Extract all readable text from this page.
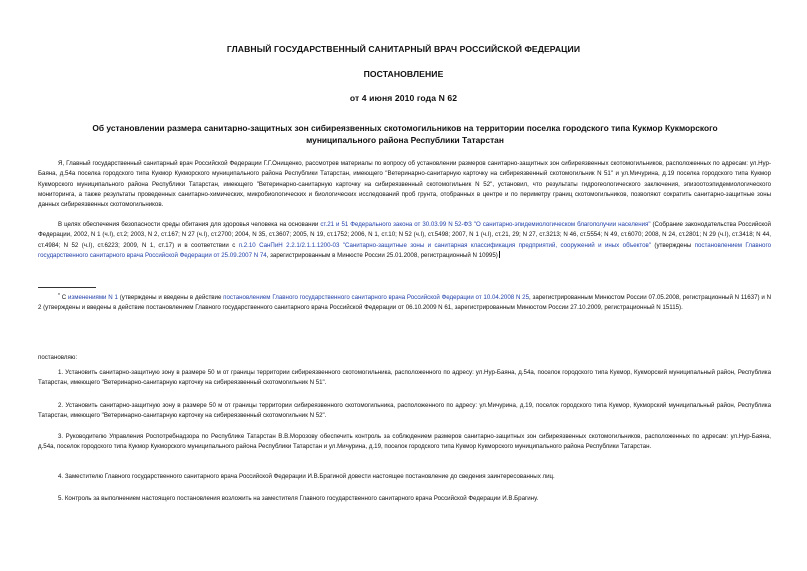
ГЛАВНЫЙ ГОСУДАРСТВЕННЫЙ САНИТАРНЫЙ ВРАЧ РОССИЙСКОЙ ФЕДЕРАЦИИ
ПОСТАНОВЛЕНИЕ
от 4 июня 2010 года N 62
Об установлении размера санитарно-защитных зон сибиреязвенных скотомогильников на территории поселка городского типа Кукмор Кукморского
муниципального района Республики Татарстан
Я, Главный государственный санитарный врач Российской Федерации Г.Г.Онищенко, рассмотрев материалы по вопросу об установлении размеров санитарно-защитных зон сибиреязвенных скотомогильников, расположенных по адресам: ул.Нур-Баяна, д.54а поселка городского типа Кукмор Кукморского муниципального района Республики Татарстан, имеющего "Ветеринарно-санитарную карточку на сибиреязвенный скотомогильник N 51" и ул.Мичурина, д.19 поселка городского типа Кукмор Кукморского муниципального района Республики Татарстан, имеющего "Ветеринарно-санитарную карточку на сибиреязвенный скотомогильник N 52", установил, что результаты гидрогеологического заключения, эпизоотоэпидемиологического мониторинга, а также результаты проведенных санитарно-химических, микробиологических и биологических исследований проб грунта, отобранных в центре и по периметру границ скотомогильников, позволяют сократить санитарно-защитные зоны данных сибиреязвенных скотомогильников.
В целях обеспечения безопасности среды обитания для здоровья человека на основании ст.21 и 51 Федерального закона от 30.03.99 N 52-ФЗ "О санитарно-эпидемиологическом благополучии населения" (Собрание законодательства Российской Федерации, 2002, N 1 (ч.I), ст.2; 2003, N 2, ст.167; N 27 (ч.I), ст.2700; 2004, N 35, ст.3607; 2005, N 19, ст.1752; 2006, N 1, ст.10; N 52 (ч.I), ст.5498; 2007, N 1 (ч.I), ст.21, 29; N 27, ст.3213; N 46, ст.5554; N 49, ст.6070; 2008, N 24, ст.2801; N 29 (ч.I), ст.3418; N 44, ст.4984; N 52 (ч.I), ст.6223; 2009, N 1, ст.17) и в соответствии с п.2.10 СанПиН 2.2.1/2.1.1.1200-03 "Санитарно-защитные зоны и санитарная классификация предприятий, сооружений и иных объектов" (утверждены постановлением Главного государственного санитарного врача Российской Федерации от 25.09.2007 N 74, зарегистрированным в Минюсте России 25.01.2008, регистрационный N 10995)
* С изменениями N 1 (утверждены и введены в действие постановлением Главного государственного санитарного врача Российской Федерации от 10.04.2008 N 25, зарегистрированным Минюстом России 07.05.2008, регистрационный N 11637) и N 2 (утверждены и введены в действие постановлением Главного государственного санитарного врача Российской Федерации от 06.10.2009 N 61, зарегистрированным Минюстом России 27.10.2009, регистрационный N 15115).
постановляю:
1. Установить санитарно-защитную зону в размере 50 м от границы территории сибиреязвенного скотомогильника, расположенного по адресу: ул.Нур-Баяна, д.54а, поселок городского типа Кукмор, Кукморский муниципальный район, Республика Татарстан, имеющего "Ветеринарно-санитарную карточку на сибиреязвенный скотомогильник N 51".
2. Установить санитарно-защитную зону в размере 50 м от границы территории сибиреязвенного скотомогильника, расположенного по адресу: ул.Мичурина, д.19, поселок городского типа Кукмор, Кукморский муниципальный район, Республика Татарстан, имеющего "Ветеринарно-санитарную карточку на сибиреязвенный скотомогильник N 52".
3. Руководителю Управления Роспотребнадзора по Республике Татарстан В.В.Морозову обеспечить контроль за соблюдением размеров санитарно-защитных зон сибиреязвенных скотомогильников, расположенных по адресам: ул.Нур-Баяна, д.54а, поселок городского типа Кукмор Кукморского муниципального района Республики Татарстан и ул.Мичурина, д.19, поселок городского типа Кукмор Кукморского муниципального района Республики Татарстан.
4. Заместителю Главного государственного санитарного врача Российской Федерации И.В.Брагиной довести настоящее постановление до сведения заинтересованных лиц.
5. Контроль за выполнением настоящего постановления возложить на заместителя Главного государственного санитарного врача Российской Федерации И.В.Брагину.
